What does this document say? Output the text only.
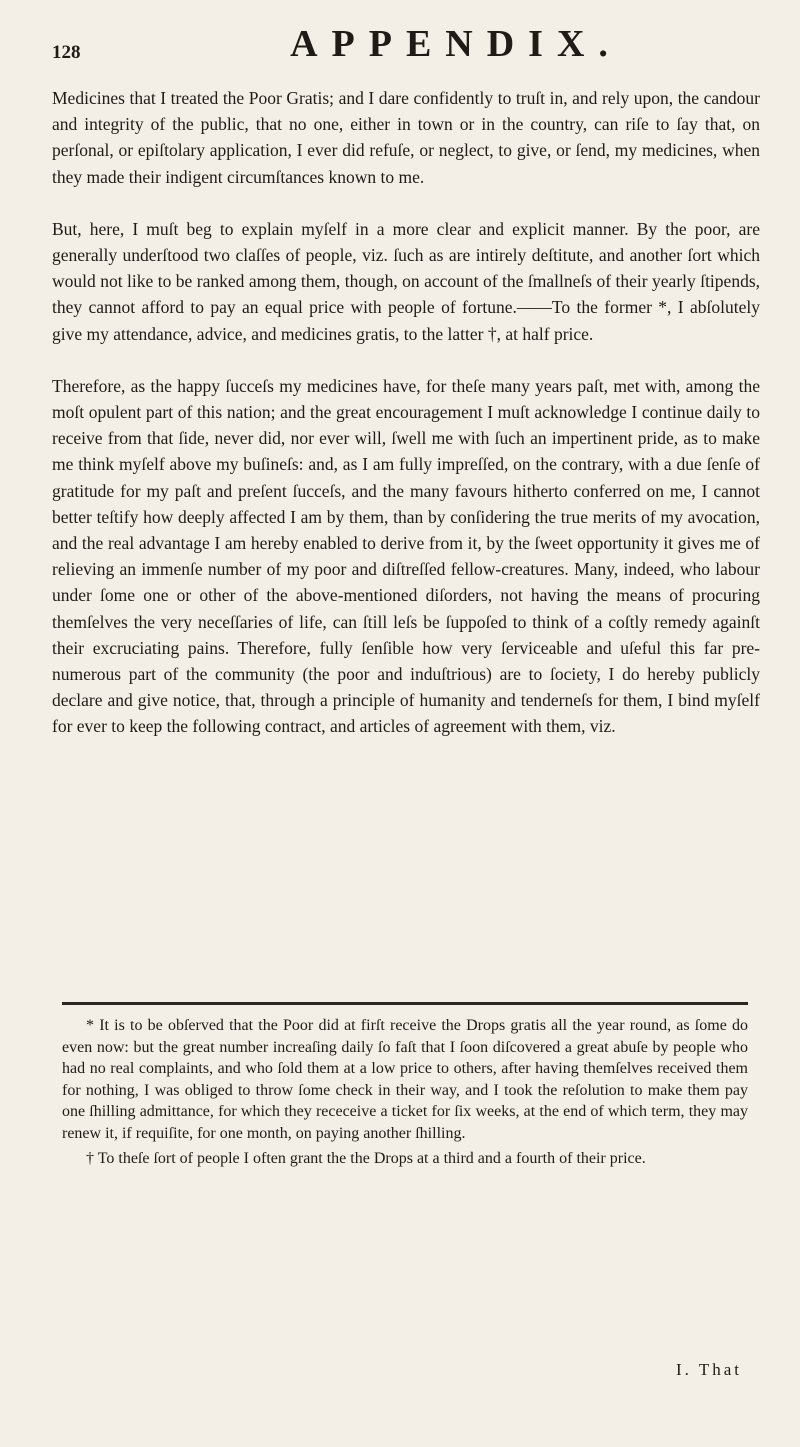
128	APPENDIX.

Medicines that I treated the Poor Gratis; and I dare confidently to truſt in, and rely upon, the candour and integrity of the public, that no one, either in town or in the country, can riſe to ſay that, on perſonal, or epiſtolary application, I ever did refuſe, or neglect, to give, or ſend, my medicines, when they made their indigent circumſtances known to me.

But, here, I muſt beg to explain myſelf in a more clear and explicit manner. By the poor, are generally underſtood two claſſes of people, viz. ſuch as are intirely deſtitute, and another ſort which would not like to be ranked among them, though, on account of the ſmallneſs of their yearly ſtipends, they cannot afford to pay an equal price with people of fortune.——To the former *, I abſolutely give my attendance, advice, and medicines gratis, to the latter †, at half price.

Therefore, as the happy ſucceſs my medicines have, for theſe many years paſt, met with, among the moſt opulent part of this nation; and the great encouragement I muſt acknowledge I continue daily to receive from that ſide, never did, nor ever will, ſwell me with ſuch an impertinent pride, as to make me think myſelf above my buſineſs: and, as I am fully impreſſed, on the contrary, with a due ſenſe of gratitude for my paſt and preſent ſucceſs, and the many favours hitherto conferred on me, I cannot better teſtify how deeply affected I am by them, than by conſidering the true merits of my avocation, and the real advantage I am hereby enabled to derive from it, by the ſweet opportunity it gives me of relieving an immenſe number of my poor and diſtreſſed fellow-creatures. Many, indeed, who labour under ſome one or other of the above-mentioned diſorders, not having the means of procuring themſelves the very neceſſaries of life, can ſtill leſs be ſuppoſed to think of a coſtly remedy againſt their excruciating pains. Therefore, fully ſenſible how very ſerviceable and uſeful this far pre-numerous part of the community (the poor and induſtrious) are to ſociety, I do hereby publicly declare and give notice, that, through a principle of humanity and tenderneſs for them, I bind myſelf for ever to keep the following contract, and articles of agreement with them, viz.

* It is to be obſerved that the Poor did at firſt receive the Drops gratis all the year round, as ſome do even now: but the great number increaſing daily ſo faſt that I ſoon diſcovered a great abuſe by people who had no real complaints, and who ſold them at a low price to others, after having themſelves received them for nothing, I was obliged to throw ſome check in their way, and I took the reſolution to make them pay one ſhilling admittance, for which they receceive a ticket for ſix weeks, at the end of which term, they may renew it, if requiſite, for one month, on paying another ſhilling.

† To theſe ſort of people I often grant the the Drops at a third and a fourth of their price.

I. That
